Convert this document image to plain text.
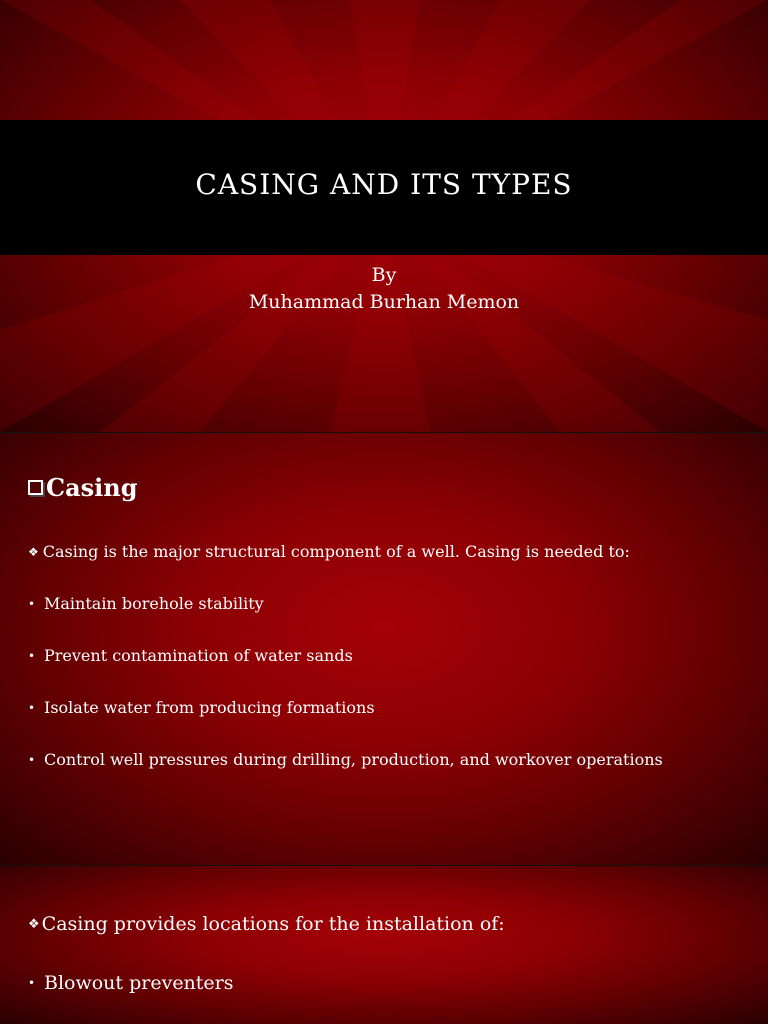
CASING AND ITS TYPES
By
Muhammad Burhan Memon
Casing
❖ Casing is the major structural component of a well. Casing is needed to:
• Maintain borehole stability
• Prevent contamination of water sands
• Isolate water from producing formations
• Control well pressures during drilling, production, and workover operations
❖ Casing provides locations for the installation of:
• Blowout preventers
